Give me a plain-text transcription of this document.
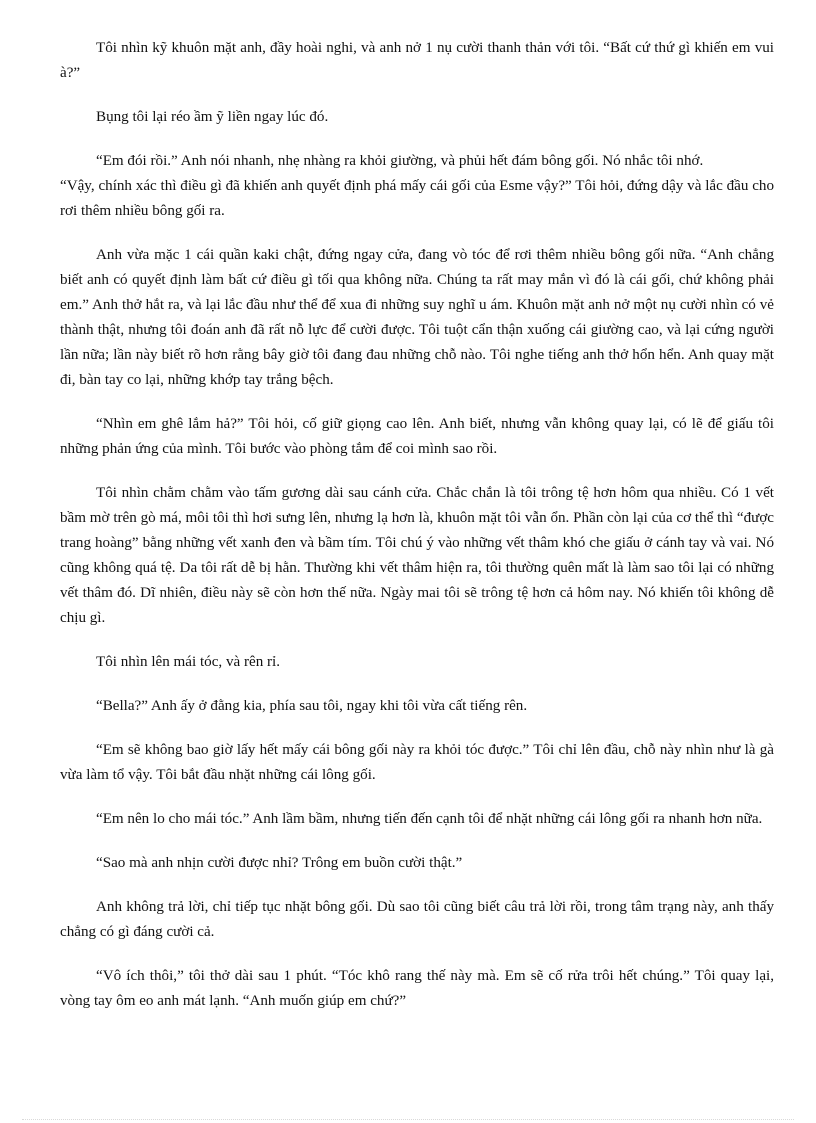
Tôi nhìn kỹ khuôn mặt anh, đầy hoài nghi, và anh nở 1 nụ cười thanh thản với tôi. “Bất cứ thứ gì khiến em vui à?”

Bụng tôi lại réo ầm ỹ liền ngay lúc đó.

“Em đói rồi.” Anh nói nhanh, nhẹ nhàng ra khỏi giường, và phủi hết đám bông gối. Nó nhắc tôi nhớ.

“Vậy, chính xác thì điều gì đã khiến anh quyết định phá mấy cái gối của Esme vậy?” Tôi hỏi, đứng dậy và lắc đầu cho rơi thêm nhiều bông gối ra.

Anh vừa mặc 1 cái quần kaki chật, đứng ngay cửa, đang vò tóc để rơi thêm nhiều bông gối nữa. “Anh chẳng biết anh có quyết định làm bất cứ điều gì tối qua không nữa. Chúng ta rất may mắn vì đó là cái gối, chứ không phải em.” Anh thở hắt ra, và lại lắc đầu như thể để xua đi những suy nghĩ u ám. Khuôn mặt anh nở một nụ cười nhìn có vẻ thành thật, nhưng tôi đoán anh đã rất nỗ lực để cười được. Tôi tuột cẩn thận xuống cái giường cao, và lại cứng người lần nữa; lần này biết rõ hơn rằng bây giờ tôi đang đau những chỗ nào. Tôi nghe tiếng anh thở hổn hển. Anh quay mặt đi, bàn tay co lại, những khớp tay trắng bệch.

“Nhìn em ghê lắm hả?” Tôi hỏi, cố giữ giọng cao lên. Anh biết, nhưng vẫn không quay lại, có lẽ để giấu tôi những phản ứng của mình. Tôi bước vào phòng tắm để coi mình sao rồi.

Tôi nhìn chằm chằm vào tấm gương dài sau cánh cửa. Chắc chắn là tôi trông tệ hơn hôm qua nhiều. Có 1 vết bầm mờ trên gò má, môi tôi thì hơi sưng lên, nhưng lạ hơn là, khuôn mặt tôi vẫn ổn. Phần còn lại của cơ thể thì “được trang hoàng” bằng những vết xanh đen và bầm tím. Tôi chú ý vào những vết thâm khó che giấu ở cánh tay và vai. Nó cũng không quá tệ. Da tôi rất dễ bị hằn. Thường khi vết thâm hiện ra, tôi thường quên mất là làm sao tôi lại có những vết thâm đó. Dĩ nhiên, điều này sẽ còn hơn thế nữa. Ngày mai tôi sẽ trông tệ hơn cả hôm nay. Nó khiến tôi không dễ chịu gì.

Tôi nhìn lên mái tóc, và rên rỉ.

“Bella?” Anh ấy ở đằng kia, phía sau tôi, ngay khi tôi vừa cất tiếng rên.

“Em sẽ không bao giờ lấy hết mấy cái bông gối này ra khỏi tóc được.” Tôi chỉ lên đầu, chỗ này nhìn như là gà vừa làm tổ vậy. Tôi bắt đầu nhặt những cái lông gối.

“Em nên lo cho mái tóc.” Anh lầm bầm, nhưng tiến đến cạnh tôi để nhặt những cái lông gối ra nhanh hơn nữa.

“Sao mà anh nhịn cười được nhỉ? Trông em buồn cười thật.”

Anh không trả lời, chỉ tiếp tục nhặt bông gối. Dù sao tôi cũng biết câu trả lời rồi, trong tâm trạng này, anh thấy chẳng có gì đáng cười cả.

“Vô ích thôi,” tôi thở dài sau 1 phút. “Tóc khô rang thế này mà. Em sẽ cố rửa trôi hết chúng.” Tôi quay lại, vòng tay ôm eo anh mát lạnh. “Anh muốn giúp em chứ?”
